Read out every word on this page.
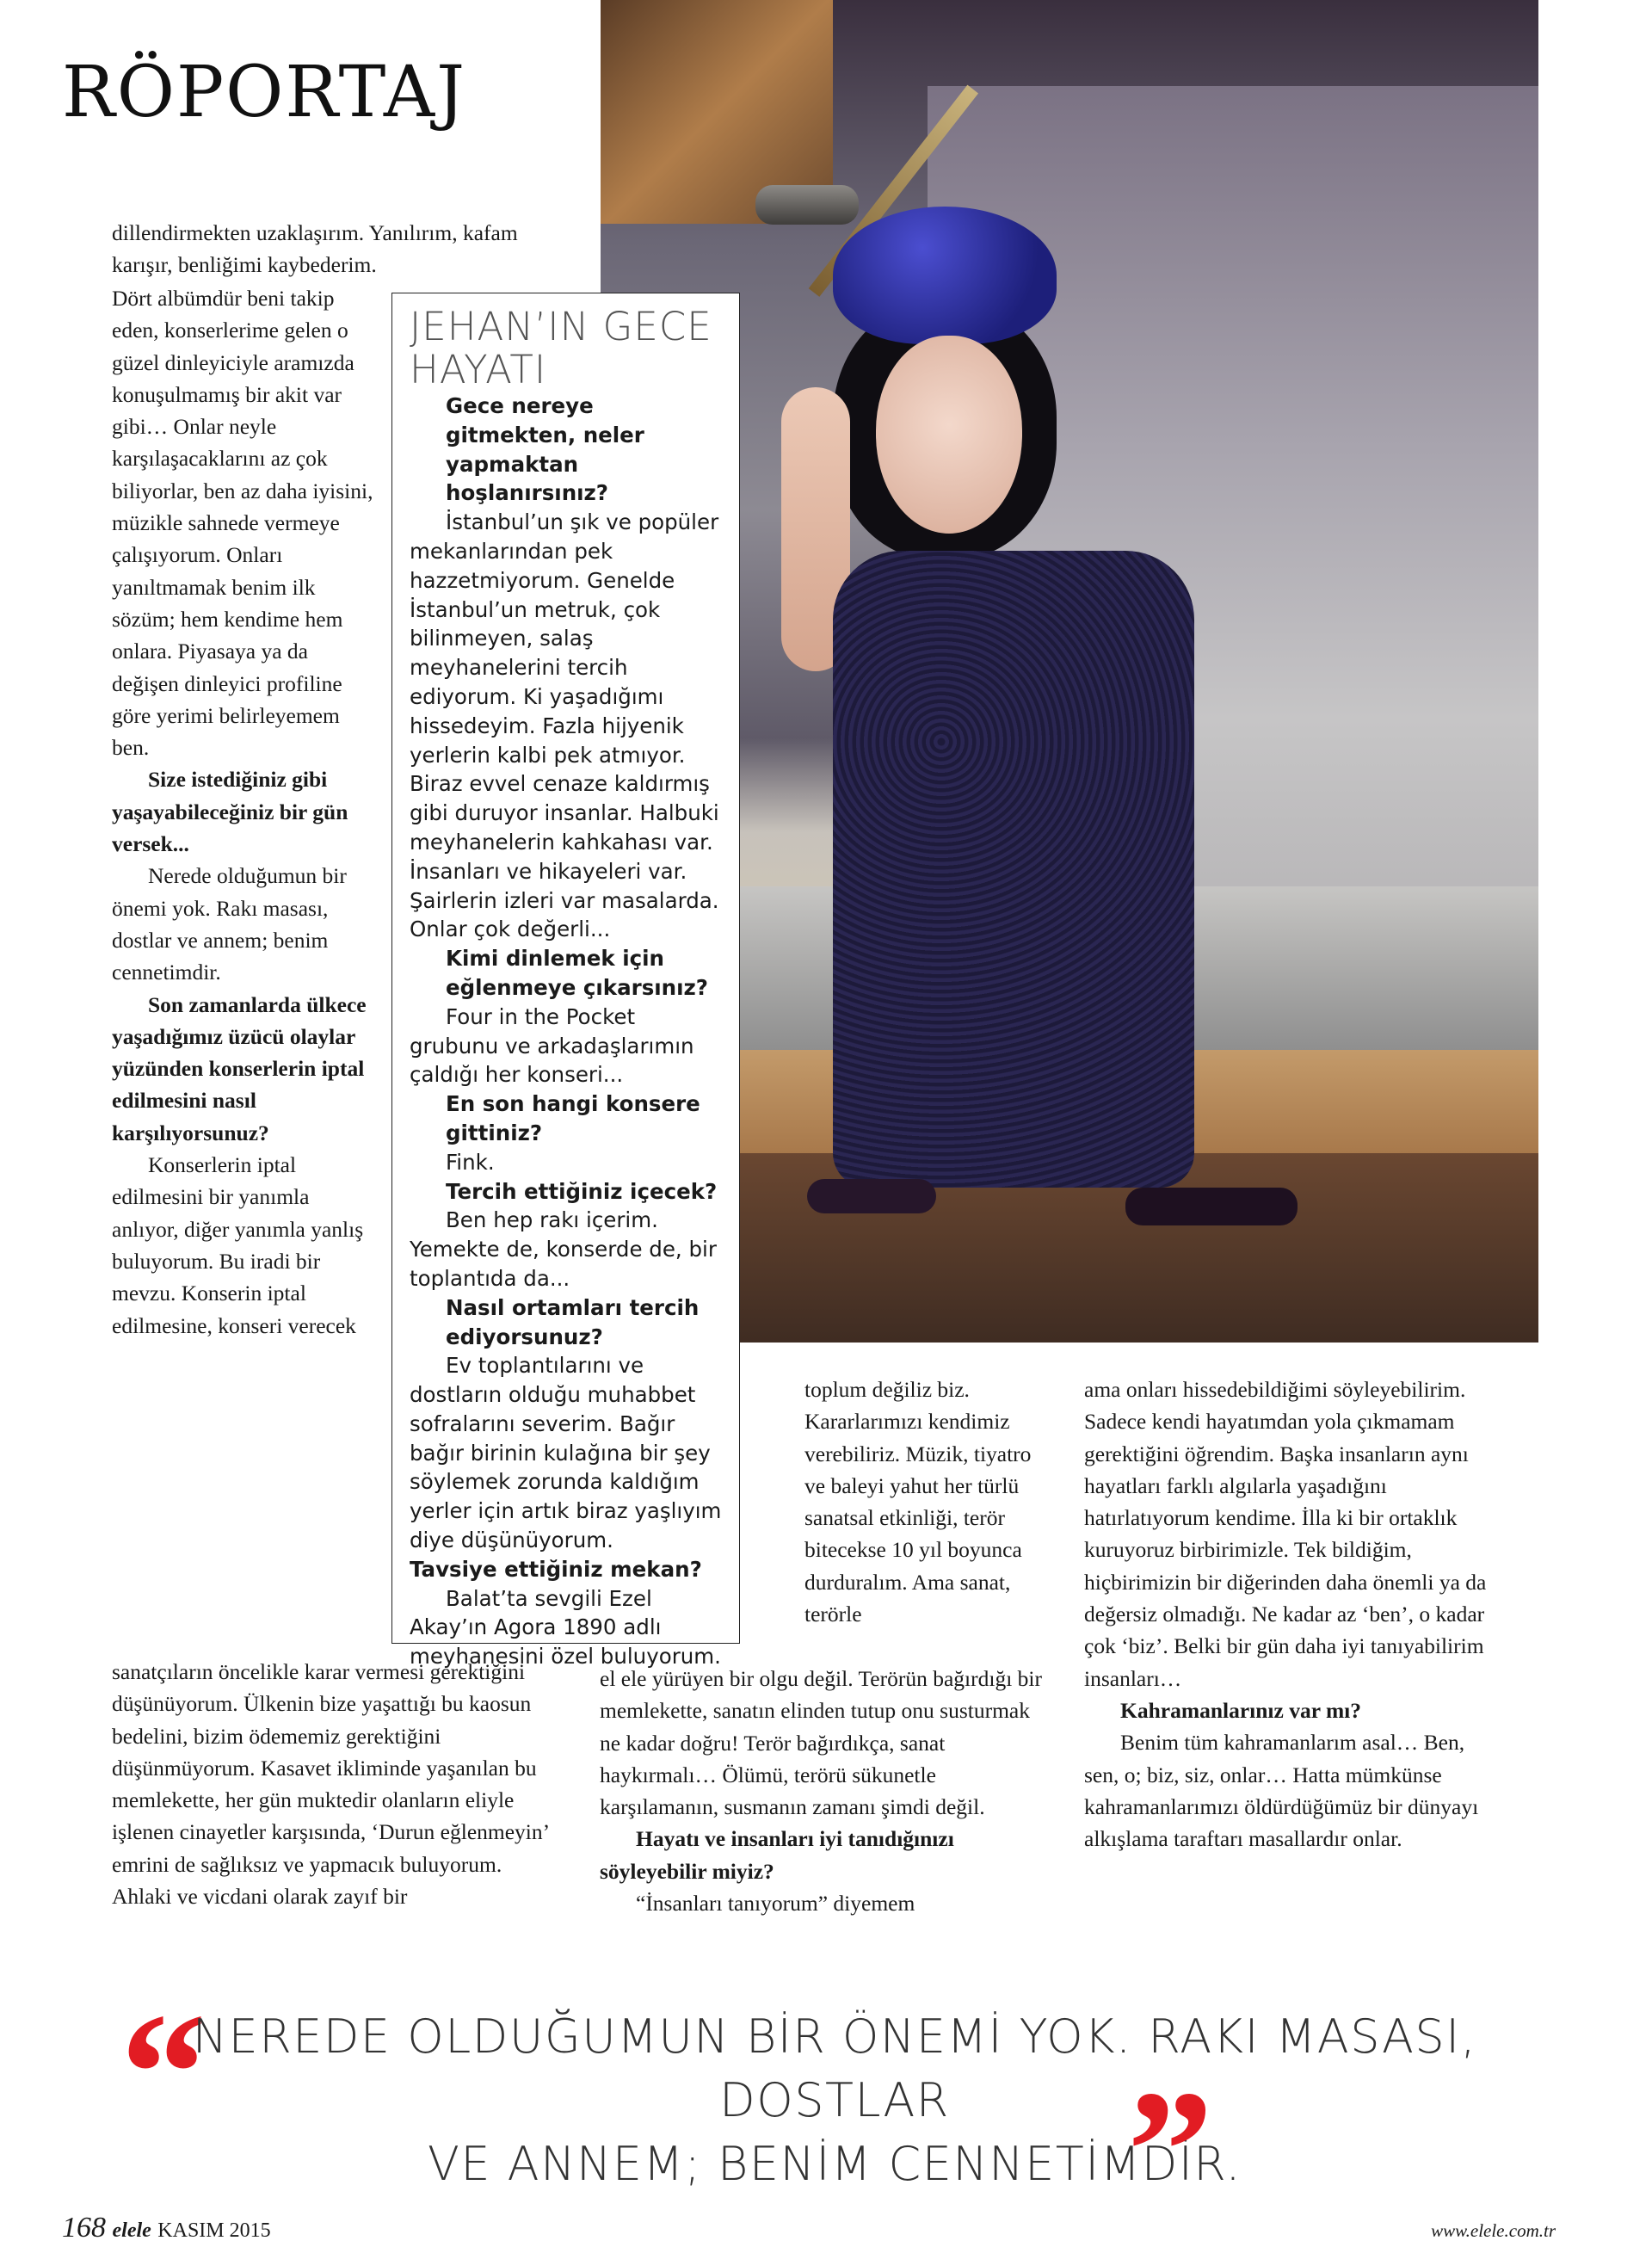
RÖPORTAJ

dillendirmekten uzaklaşırım. Yanılırım, kafam karışır, benliğimi kaybederim.

Dört albümdür beni takip eden, konserlerime gelen o güzel dinleyiciyle aramızda konuşulmamış bir akit var gibi… Onlar neyle karşılaşacaklarını az çok biliyorlar, ben az daha iyisini, müzikle sahnede vermeye çalışıyorum. Onları yanıltmamak benim ilk sözüm; hem kendime hem onlara. Piyasaya ya da değişen dinleyici profiline göre yerimi belirleyemem ben.

Size istediğiniz gibi yaşayabileceğiniz bir gün versek...

Nerede olduğumun bir önemi yok. Rakı masası, dostlar ve annem; benim cennetimdir.

Son zamanlarda ülkece yaşadığımız üzücü olaylar yüzünden konserlerin iptal edilmesini nasıl karşılıyorsunuz?

Konserlerin iptal edilmesini bir yanımla anlıyor, diğer yanımla yanlış buluyorum. Bu iradi bir mevzu. Konserin iptal edilmesine, konseri verecek

sanatçıların öncelikle karar vermesi gerektiğini düşünüyorum. Ülkenin bize yaşattığı bu kaosun bedelini, bizim ödememiz gerektiğini düşünmüyorum. Kasavet ikliminde yaşanılan bu memlekette, her gün muktedir olanların eliyle işlenen cinayetler karşısında, ‘Durun eğlenmeyin’ emrini de sağlıksız ve yapmacık buluyorum. Ahlaki ve vicdani olarak zayıf bir

JEHAN’IN GECE HAYATI

Gece nereye gitmekten, neler yapmaktan hoşlanırsınız?

İstanbul’un şık ve popüler mekanlarından pek hazzetmiyorum. Genelde İstanbul’un metruk, çok bilinmeyen, salaş meyhanelerini tercih ediyorum. Ki yaşadığımı hissedeyim. Fazla hijyenik yerlerin kalbi pek atmıyor. Biraz evvel cenaze kaldırmış gibi duruyor insanlar. Halbuki meyhanelerin kahkahası var. İnsanları ve hikayeleri var. Şairlerin izleri var masalarda. Onlar çok değerli...

Kimi dinlemek için eğlenmeye çıkarsınız?

Four in the Pocket grubunu ve arkadaşlarımın çaldığı her konseri...

En son hangi konsere gittiniz?

Fink.

Tercih ettiğiniz içecek?

Ben hep rakı içerim. Yemekte de, konserde de, bir toplantıda da...

Nasıl ortamları tercih ediyorsunuz?

Ev toplantılarını ve dostların olduğu muhabbet sofralarını severim. Bağır bağır birinin kulağına bir şey söylemek zorunda kaldığım yerler için artık biraz yaşlıyım diye düşünüyorum.

Tavsiye ettiğiniz mekan?

Balat’ta sevgili Ezel Akay’ın Agora 1890 adlı meyhanesini özel buluyorum.

toplum değiliz biz. Kararlarımızı kendimiz verebiliriz. Müzik, tiyatro ve baleyi yahut her türlü sanatsal etkinliği, terör bitecekse 10 yıl boyunca durduralım. Ama sanat, terörle

el ele yürüyen bir olgu değil. Terörün bağırdığı bir memlekette, sanatın elinden tutup onu susturmak ne kadar doğru! Terör bağırdıkça, sanat haykırmalı… Ölümü, terörü sükunetle karşılamanın, susmanın zamanı şimdi değil.

Hayatı ve insanları iyi tanıdığınızı söyleyebilir miyiz?

“İnsanları tanıyorum” diyemem

ama onları hissedebildiğimi söyleyebilirim. Sadece kendi hayatımdan yola çıkmamam gerektiğini öğrendim. Başka insanların aynı hayatları farklı algılarla yaşadığını hatırlatıyorum kendime. İlla ki bir ortaklık kuruyoruz birbirimizle. Tek bildiğim, hiçbirimizin bir diğerinden daha önemli ya da değersiz olmadığı. Ne kadar az ‘ben’, o kadar çok ‘biz’. Belki bir gün daha iyi tanıyabilirim insanları…

Kahramanlarınız var mı?

Benim tüm kahramanlarım asal… Ben, sen, o; biz, siz, onlar… Hatta mümkünse kahramanlarımızı öldürdüğümüz bir dünyayı alkışlama taraftarı masallardır onlar.

“
NEREDE OLDUĞUMUN BİR ÖNEMİ YOK. RAKI MASASI, DOSTLAR
VE ANNEM; BENİM CENNETİMDİR.
”
168 elele KASIM 2015	www.elele.com.tr
